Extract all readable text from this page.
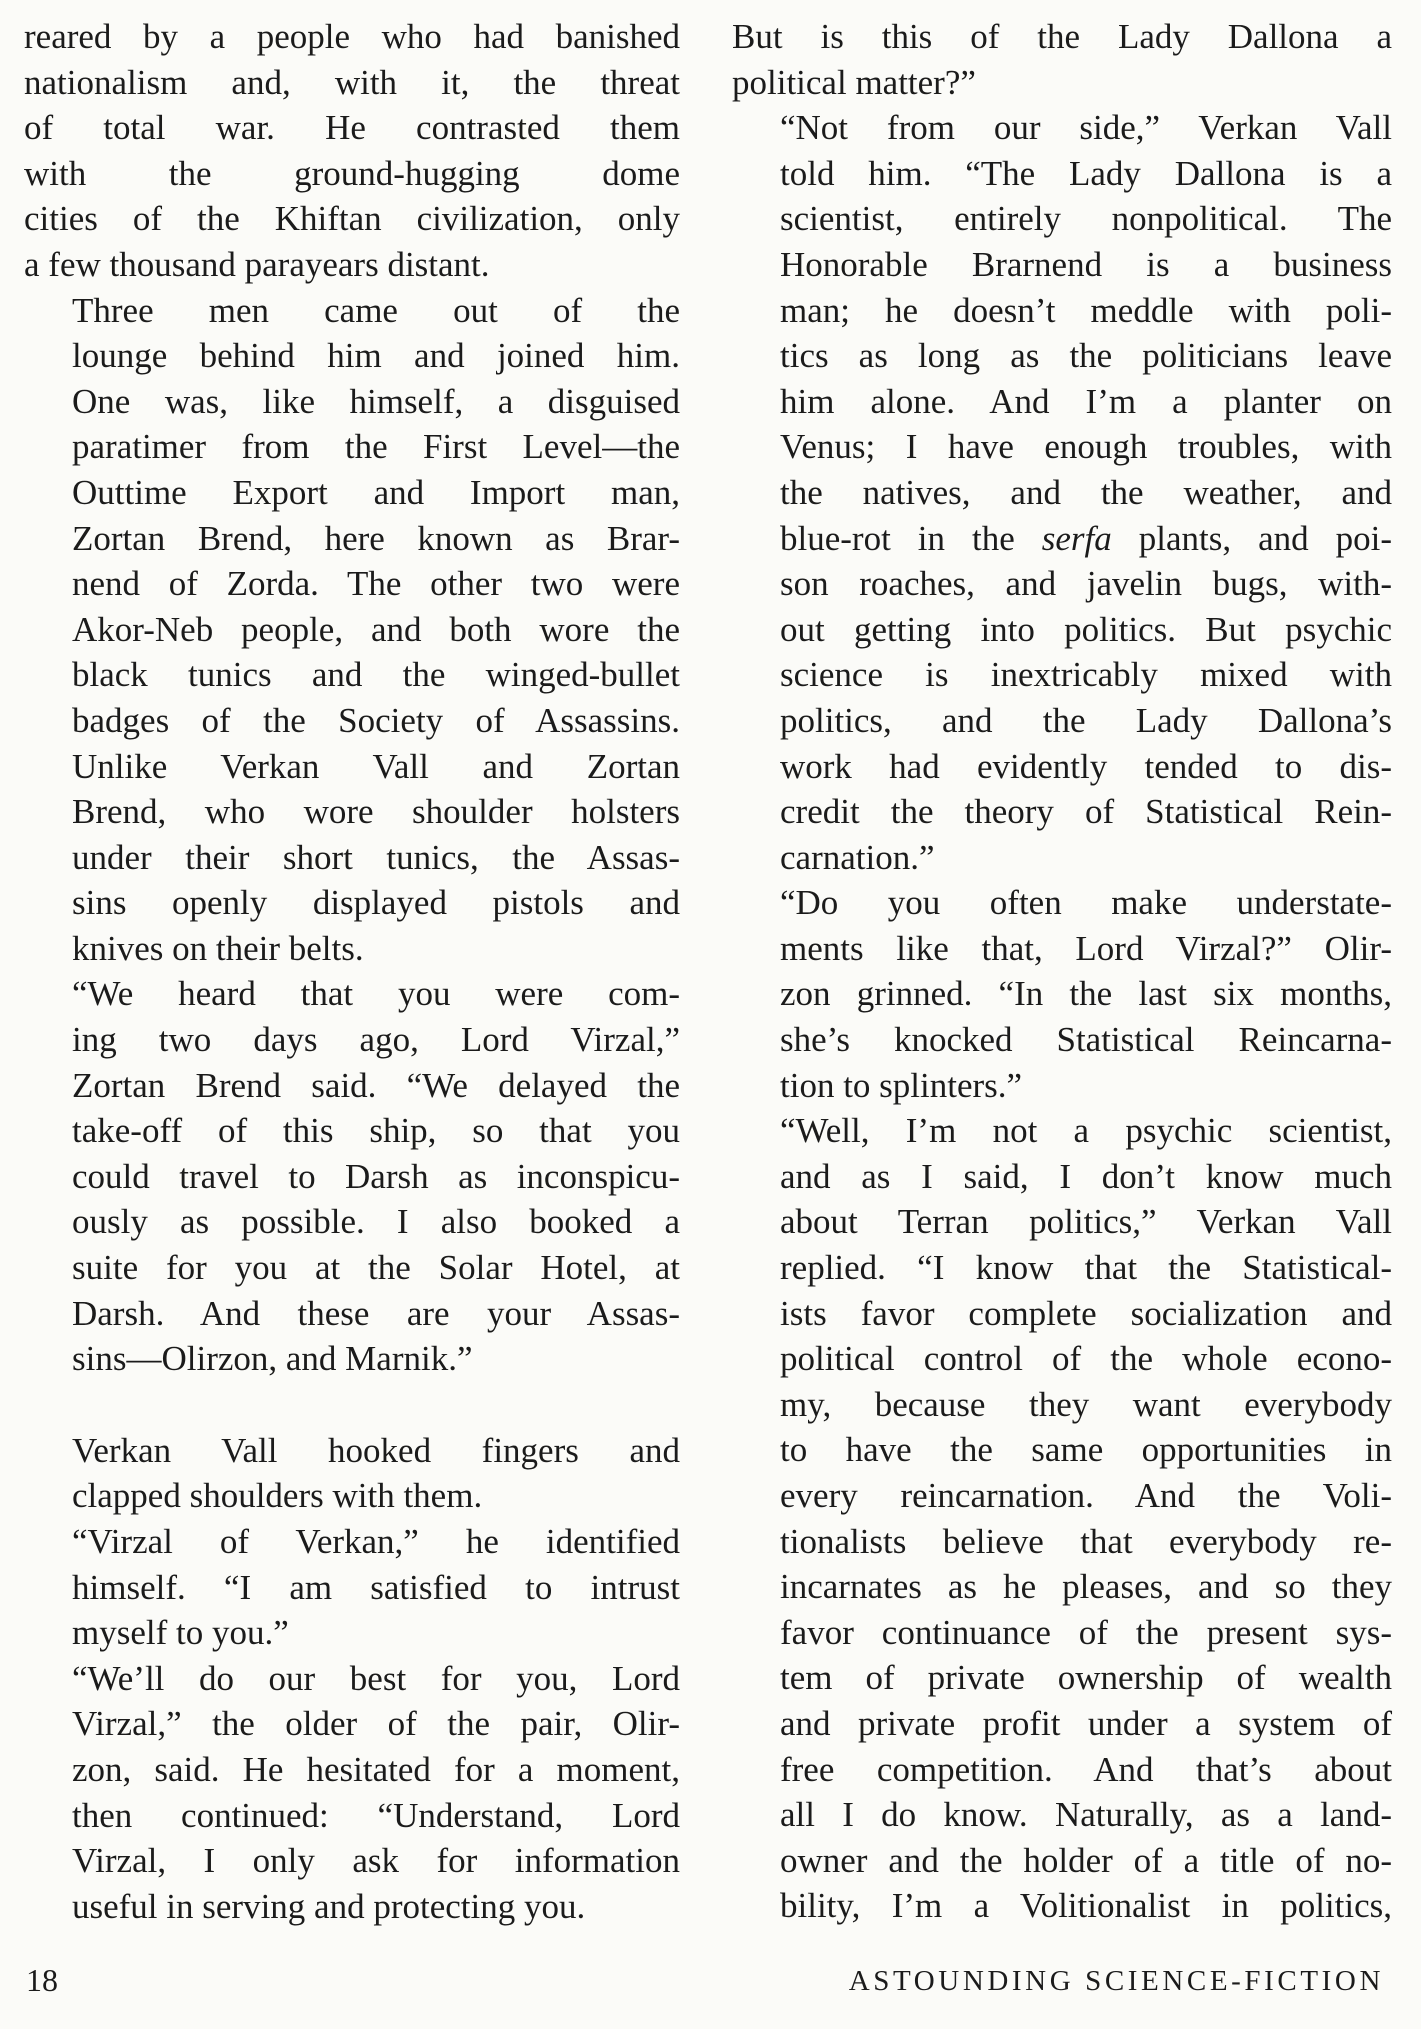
reared by a people who had banished
nationalism and, with it, the threat
of total war. He contrasted them
with the ground-hugging dome
cities of the Khiftan civilization, only
a few thousand parayears distant.

Three men came out of the
lounge behind him and joined him.
One was, like himself, a disguised
paratimer from the First Level—the
Outtime Export and Import man,
Zortan Brend, here known as Brar-
nend of Zorda. The other two were
Akor-Neb people, and both wore the
black tunics and the winged-bullet
badges of the Society of Assassins.
Unlike Verkan Vall and Zortan
Brend, who wore shoulder holsters
under their short tunics, the Assas-
sins openly displayed pistols and
knives on their belts.

“We heard that you were com-
ing two days ago, Lord Virzal,”
Zortan Brend said. “We delayed the
take-off of this ship, so that you
could travel to Darsh as inconspicu-
ously as possible. I also booked a
suite for you at the Solar Hotel, at
Darsh. And these are your Assas-
sins—Olirzon, and Marnik.”

Verkan Vall hooked fingers and
clapped shoulders with them.

“Virzal of Verkan,” he identified
himself. “I am satisfied to intrust
myself to you.”

“We’ll do our best for you, Lord
Virzal,” the older of the pair, Olir-
zon, said. He hesitated for a moment,
then continued: “Understand, Lord
Virzal, I only ask for information
useful in serving and protecting you.

But is this of the Lady Dallona a
political matter?”

“Not from our side,” Verkan Vall
told him. “The Lady Dallona is a
scientist, entirely nonpolitical. The
Honorable Brarnend is a business
man; he doesn’t meddle with poli-
tics as long as the politicians leave
him alone. And I’m a planter on
Venus; I have enough troubles, with
the natives, and the weather, and
blue-rot in the serfa plants, and poi-
son roaches, and javelin bugs, with-
out getting into politics. But psychic
science is inextricably mixed with
politics, and the Lady Dallona’s
work had evidently tended to dis-
credit the theory of Statistical Rein-
carnation.”

“Do you often make understate-
ments like that, Lord Virzal?” Olir-
zon grinned. “In the last six months,
she’s knocked Statistical Reincarna-
tion to splinters.”

“Well, I’m not a psychic scientist,
and as I said, I don’t know much
about Terran politics,” Verkan Vall
replied. “I know that the Statistical-
ists favor complete socialization and
political control of the whole econo-
my, because they want everybody
to have the same opportunities in
every reincarnation. And the Voli-
tionalists believe that everybody re-
incarnates as he pleases, and so they
favor continuance of the present sys-
tem of private ownership of wealth
and private profit under a system of
free competition. And that’s about
all I do know. Naturally, as a land-
owner and the holder of a title of no-
bility, I’m a Volitionalist in politics,

18	ASTOUNDING SCIENCE-FICTION
